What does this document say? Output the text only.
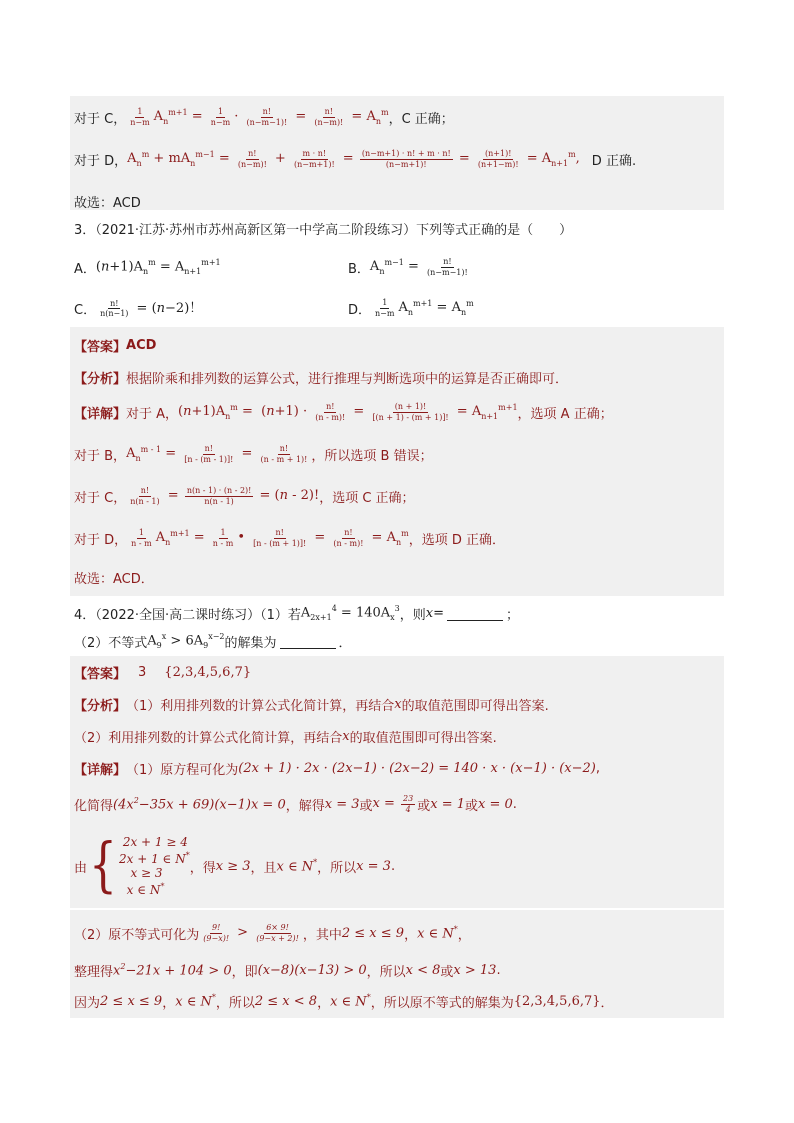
对于 C， $\frac{1}{n-m} A_n^{m+1} = \frac{1}{n-m} \cdot \frac{n!}{(n-m-1)!} = \frac{n!}{(n-m)!} = A_n^m$ ，C 正确；
对于 D， $A_n^m + mA_n^{m-1} = \frac{n!}{(n-m)!} + \frac{m \cdot n!}{(n-m+1)!} = \frac{(n-m+1) \cdot n! + m \cdot n!}{(n-m+1)!} = \frac{(n+1)!}{(n+1-m)!} = A_{n+1}^m$, D 正确.
故选：ACD
3．（2021·江苏·苏州市苏州高新区第一中学高二阶段练习）下列等式正确的是（　　）
A． $(n+1)A_n^m = A_{n+1}^{m+1}$	B． $A_n^{m-1} = \frac{n!}{(n-m-1)!}$
C． $\frac{n!}{n(n-1)} = (n-2)$！	D． $\frac{1}{n-m} A_n^{m+1} = A_n^m$
【答案】 ACD
【分析】 根据阶乘和排列数的运算公式，进行推理与判断选项中的运算是否正确即可．
【详解】 对于 A， $(n+1)A_n^m = (n+1) \cdot \frac{n!}{(n - m)!} = \frac{(n + 1)!}{[(n + 1) - (m + 1)]!} = A_{n+1}^{m+1}$ ，选项 A 正确；
对于 B， $A_n^{m - 1} = \frac{n!}{[n - (m - 1)]!} = \frac{n!}{(n - m + 1)!}$ ，所以选项 B 错误；
对于 C， $\frac{n!}{n(n - 1)} = \frac{n(n - 1) \cdot (n - 2)!}{n(n - 1)} = (n - 2)$! ，选项 C 正确；
对于 D， $\frac{1}{n - m} A_n^{m+1} = \frac{1}{n - m}$ • $\frac{n!}{[n - (m + 1)]!} = \frac{n!}{(n - m)!} = A_n^m$ ，选项 D 正确．
故选：ACD．
4．（2022·全国·高二课时练习）（1）若 $A_{2x+1}^4 = 140A_x^3$ ，则 x =	；
（2）不等式 $A_9^x > 6A_9^{x-2}$ 的解集为	．
【答案】 3 {2,3,4,5,6,7}
【分析】 （1）利用排列数的计算公式化简计算，再结合 x 的取值范围即可得出答案.
（2）利用排列数的计算公式化简计算，再结合 x 的取值范围即可得出答案.
【详解】 （1）原方程可化为 (2x + 1) · 2x · (2x−1) · (2x−2) = 140 · x · (x−1) · (x−2) ,
化简得 $(4x^2-35x + 69)(x-1)x = 0$ ，解得 x = 3 或 $x = \frac{23}{4}$ 或 x = 1 或 x = 0 .
由 { 2x + 1 ≥ 4
2x + 1 ∈ N*
x ≥ 3
x ∈ N*
，得 x ≥ 3 ，且 x ∈ N* ，所以 x = 3 .
（2）原不等式可化为 $\frac{9!}{(9-x)!} > \frac{6\times 9!}{(9-x + 2)!}$ ，其中 2 ≤ x ≤ 9 ， x ∈ N* ，
整理得 $x^2-21x + 104 > 0$ ，即 (x−8)(x−13) > 0 ，所以 x < 8 或 x > 13 .
因为 2 ≤ x ≤ 9 ， x ∈ N* ，所以 2 ≤ x < 8 ， x ∈ N* ，所以原不等式的解集为 {2,3,4,5,6,7} ．
